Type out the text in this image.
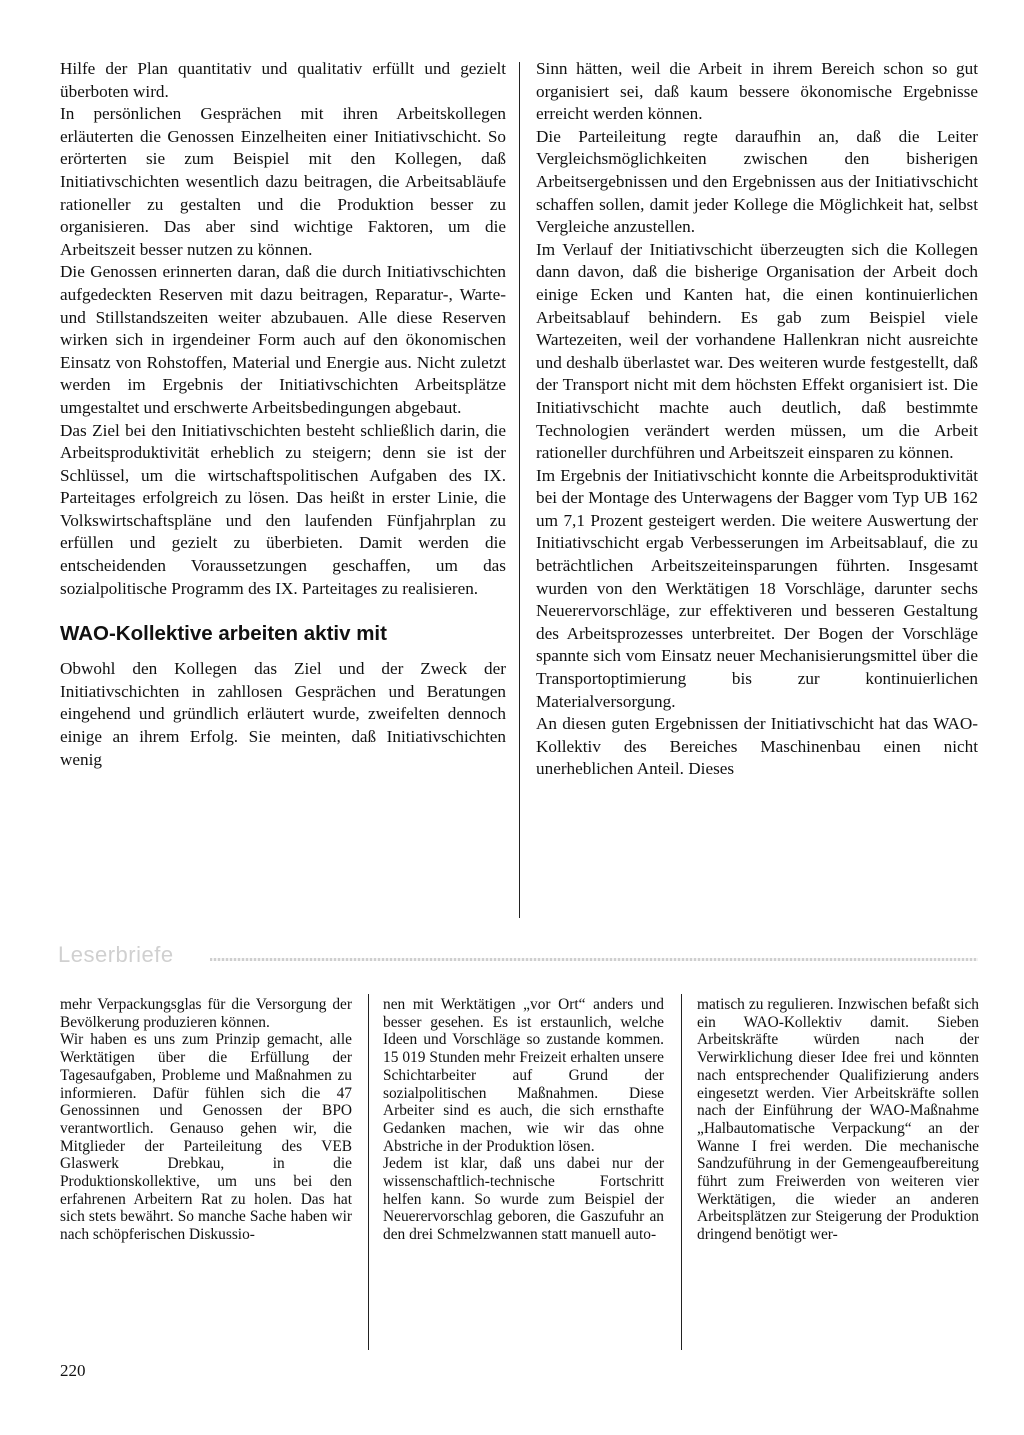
Hilfe der Plan quantitativ und qualitativ erfüllt und gezielt überboten wird.

In persönlichen Gesprächen mit ihren Arbeitskollegen erläuterten die Genossen Einzelheiten einer Initiativschicht. So erörterten sie zum Beispiel mit den Kollegen, daß Initiativschichten wesentlich dazu beitragen, die Arbeitsabläufe rationeller zu gestalten und die Produktion besser zu organisieren. Das aber sind wichtige Faktoren, um die Arbeitszeit besser nutzen zu können.

Die Genossen erinnerten daran, daß die durch Initiativschichten aufgedeckten Reserven mit dazu beitragen, Reparatur-, Warte- und Stillstandszeiten weiter abzubauen. Alle diese Reserven wirken sich in irgendeiner Form auch auf den ökonomischen Einsatz von Rohstoffen, Material und Energie aus. Nicht zuletzt werden im Ergebnis der Initiativschichten Arbeitsplätze umgestaltet und erschwerte Arbeitsbedingungen abgebaut.

Das Ziel bei den Initiativschichten besteht schließlich darin, die Arbeitsproduktivität erheblich zu steigern; denn sie ist der Schlüssel, um die wirtschaftspolitischen Aufgaben des IX. Parteitages erfolgreich zu lösen. Das heißt in erster Linie, die Volkswirtschaftspläne und den laufenden Fünfjahrplan zu erfüllen und gezielt zu überbieten. Damit werden die entscheidenden Voraussetzungen geschaffen, um das sozialpolitische Programm des IX. Parteitages zu realisieren.

WAO-Kollektive arbeiten aktiv mit

Obwohl den Kollegen das Ziel und der Zweck der Initiativschichten in zahllosen Gesprächen und Beratungen eingehend und gründlich erläutert wurde, zweifelten dennoch einige an ihrem Erfolg. Sie meinten, daß Initiativschichten wenig

Sinn hätten, weil die Arbeit in ihrem Bereich schon so gut organisiert sei, daß kaum bessere ökonomische Ergebnisse erreicht werden können.

Die Parteileitung regte daraufhin an, daß die Leiter Vergleichsmöglichkeiten zwischen den bisherigen Arbeitsergebnissen und den Ergebnissen aus der Initiativschicht schaffen sollen, damit jeder Kollege die Möglichkeit hat, selbst Vergleiche anzustellen.

Im Verlauf der Initiativschicht überzeugten sich die Kollegen dann davon, daß die bisherige Organisation der Arbeit doch einige Ecken und Kanten hat, die einen kontinuierlichen Arbeitsablauf behindern. Es gab zum Beispiel viele Wartezeiten, weil der vorhandene Hallenkran nicht ausreichte und deshalb überlastet war. Des weiteren wurde festgestellt, daß der Transport nicht mit dem höchsten Effekt organisiert ist. Die Initiativschicht machte auch deutlich, daß bestimmte Technologien verändert werden müssen, um die Arbeit rationeller durchführen und Arbeitszeit einsparen zu können.

Im Ergebnis der Initiativschicht konnte die Arbeitsproduktivität bei der Montage des Unterwagens der Bagger vom Typ UB 162 um 7,1 Prozent gesteigert werden. Die weitere Auswertung der Initiativschicht ergab Verbesserungen im Arbeitsablauf, die zu beträchtlichen Arbeitszeiteinsparungen führten. Insgesamt wurden von den Werktätigen 18 Vorschläge, darunter sechs Neuerervorschläge, zur effektiveren und besseren Gestaltung des Arbeitsprozesses unterbreitet. Der Bogen der Vorschläge spannte sich vom Einsatz neuer Mechanisierungsmittel über die Transportoptimierung bis zur kontinuierlichen Materialversorgung.

An diesen guten Ergebnissen der Initiativschicht hat das WAO-Kollektiv des Bereiches Maschinenbau einen nicht unerheblichen Anteil. Dieses

Leserbriefe

mehr Verpackungsglas für die Versorgung der Bevölkerung produzieren können.

Wir haben es uns zum Prinzip gemacht, alle Werktätigen über die Erfüllung der Tagesaufgaben, Probleme und Maßnahmen zu informieren. Dafür fühlen sich die 47 Genossinnen und Genossen der BPO verantwortlich. Genauso gehen wir, die Mitglieder der Parteileitung des VEB Glaswerk Drebkau, in die Produktionskollektive, um uns bei den erfahrenen Arbeitern Rat zu holen. Das hat sich stets bewährt. So manche Sache haben wir nach schöpferischen Diskussio-

nen mit Werktätigen „vor Ort“ anders und besser gesehen. Es ist erstaunlich, welche Ideen und Vorschläge so zustande kommen. 15 019 Stunden mehr Freizeit erhalten unsere Schichtarbeiter auf Grund der sozialpolitischen Maßnahmen. Diese Arbeiter sind es auch, die sich ernsthafte Gedanken machen, wie wir das ohne Abstriche in der Produktion lösen.

Jedem ist klar, daß uns dabei nur der wissenschaftlich-technische Fortschritt helfen kann. So wurde zum Beispiel der Neuerervorschlag geboren, die Gaszufuhr an den drei Schmelzwannen statt manuell auto-

matisch zu regulieren. Inzwischen befaßt sich ein WAO-Kollektiv damit. Sieben Arbeitskräfte würden nach der Verwirklichung dieser Idee frei und könnten nach entsprechender Qualifizierung anders eingesetzt werden. Vier Arbeitskräfte sollen nach der Einführung der WAO-Maßnahme „Halbautomatische Verpackung“ an der Wanne I frei werden. Die mechanische Sandzuführung in der Gemengeaufbereitung führt zum Freiwerden von weiteren vier Werktätigen, die wieder an anderen Arbeitsplätzen zur Steigerung der Produktion dringend benötigt wer-

220
